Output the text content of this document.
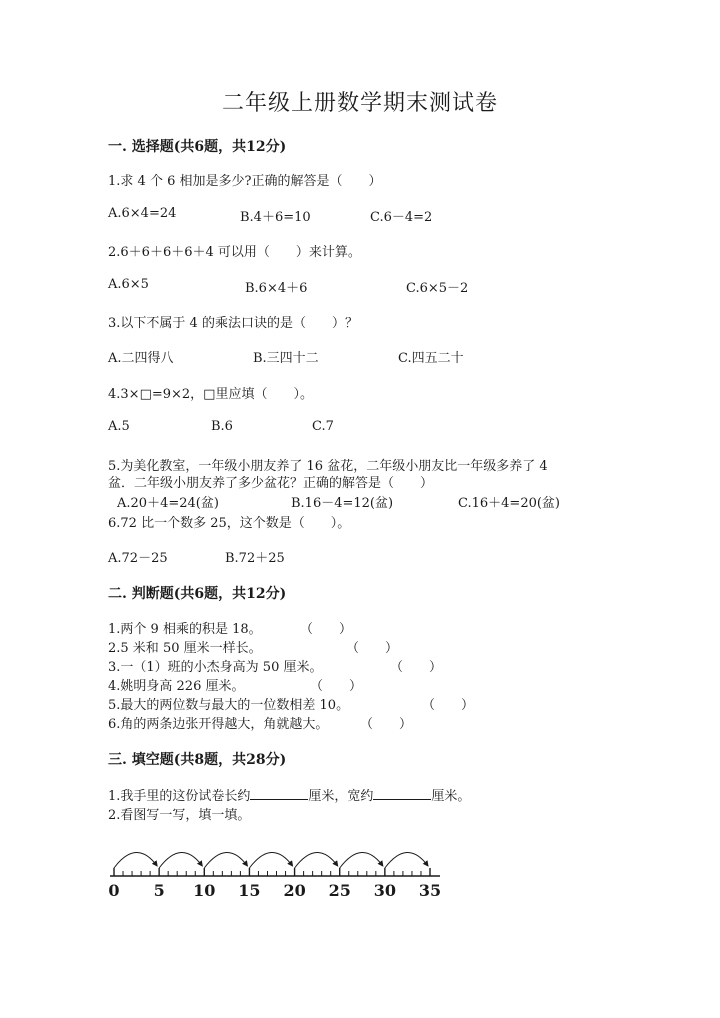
二年级上册数学期末测试卷
一. 选择题(共6题，共12分)
1.求 4 个 6 相加是多少?正确的解答是（　　）
A.6×4=24	B.4＋6=10	C.6－4=2
2.6＋6＋6＋6＋4 可以用（　　）来计算。
A.6×5	B.6×4＋6	C.6×5－2
3.以下不属于 4 的乘法口诀的是（　　）？
A.二四得八	B.三四十二	C.四五二十
4.3×□=9×2，□里应填（　　）。
A.5	B.6	C.7
5.为美化教室，一年级小朋友养了 16 盆花，二年级小朋友比一年级多养了 4
盆．二年级小朋友养了多少盆花？正确的解答是（　　）
A.20＋4=24(盆)	B.16－4=12(盆)	C.16＋4=20(盆)
6.72 比一个数多 25，这个数是（　　）。
A.72－25	B.72＋25
二. 判断题(共6题，共12分)
1.两个 9 相乘的积是 18。	（　　）
2.5 米和 50 厘米一样长。	（　　）
3.一（1）班的小杰身高为 50 厘米。	（　　）
4.姚明身高 226 厘米。	（　　）
5.最大的两位数与最大的一位数相差 10。	（　　）
6.角的两条边张开得越大，角就越大。 （　　）
三. 填空题(共8题，共28分)
1.我手里的这份试卷长约	厘米，宽约	厘米。
2.看图写一写，填一填。
0 5 10 15 20 25 30 35
